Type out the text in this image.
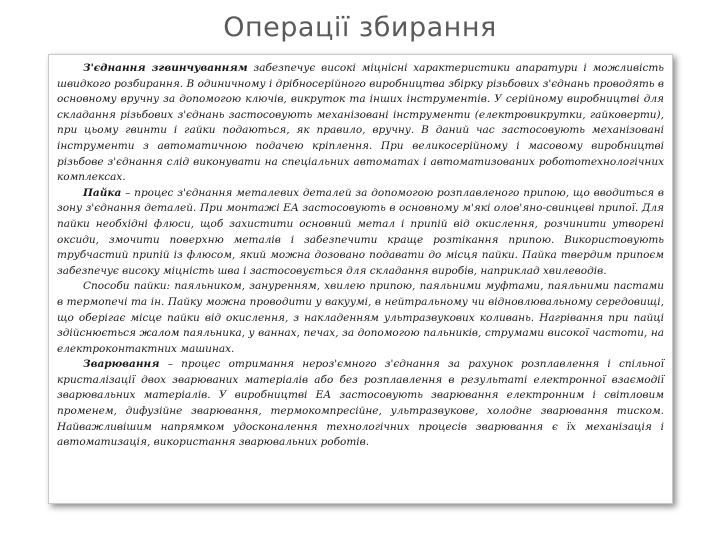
Операції збирання

З'єднання згвинчуванням забезпечує високі міцнісні характеристики апаратури і можливість швидкого розбирання. В одиничному і дрібносерійного виробництва збірку різьбових з'єднань проводять в основному вручну за допомогою ключів, викруток та інших інструментів. У серійному виробництві для складання різьбових з'єднань застосовують механізовані інструменти (електровикрутки, гайковерти), при цьому гвинти і гайки подаються, як правило, вручну. В даний час застосовують механізовані інструменти з автоматичною подачею кріплення. При великосерійному і масовому виробництві різьбове з'єднання слід виконувати на спеціальних автоматах і автоматизованих робототехнологічних комплексах.

Пайка – процес з'єднання металевих деталей за допомогою розплавленого припою, що вводиться в зону з'єднання деталей. При монтажі ЕА застосовують в основному м'які олов'яно-свинцеві припої. Для пайки необхідні флюси, щоб захистити основний метал і припій від окислення, розчинити утворені оксиди, змочити поверхню металів і забезпечити краще розтікання припою. Використовують трубчастий припій із флюсом, який можна дозовано подавати до місця пайки. Пайка твердим припоєм забезпечує високу міцність шва і застосовується для складання виробів, наприклад хвилеводів.

Способи пайки: паяльником, зануренням, хвилею припою, паяльними муфтами, паяльними пастами в термопечі та ін. Пайку можна проводити у вакуумі, в нейтральному чи відновлювальному середовищі, що оберігає місце пайки від окислення, з накладенням ультразвукових коливань. Нагрівання при пайці здійснюється жалом паяльника, у ваннах, печах, за допомогою пальників, струмами високої частоти, на електроконтактних машинах.

Зварювання – процес отримання нероз'ємного з'єднання за рахунок розплавлення і спільної кристалізації двох зварюваних матеріалів або без розплавлення в результаті електронної взаємодії зварювальних матеріалів. У виробництві ЕА застосовують зварювання електронним і світловим променем, дифузійне зварювання, термокомпресійне, ультразвукове, холодне зварювання тиском. Найважливішим напрямком удосконалення технологічних процесів зварювання є їх механізація і автоматизація, використання зварювальних роботів.
